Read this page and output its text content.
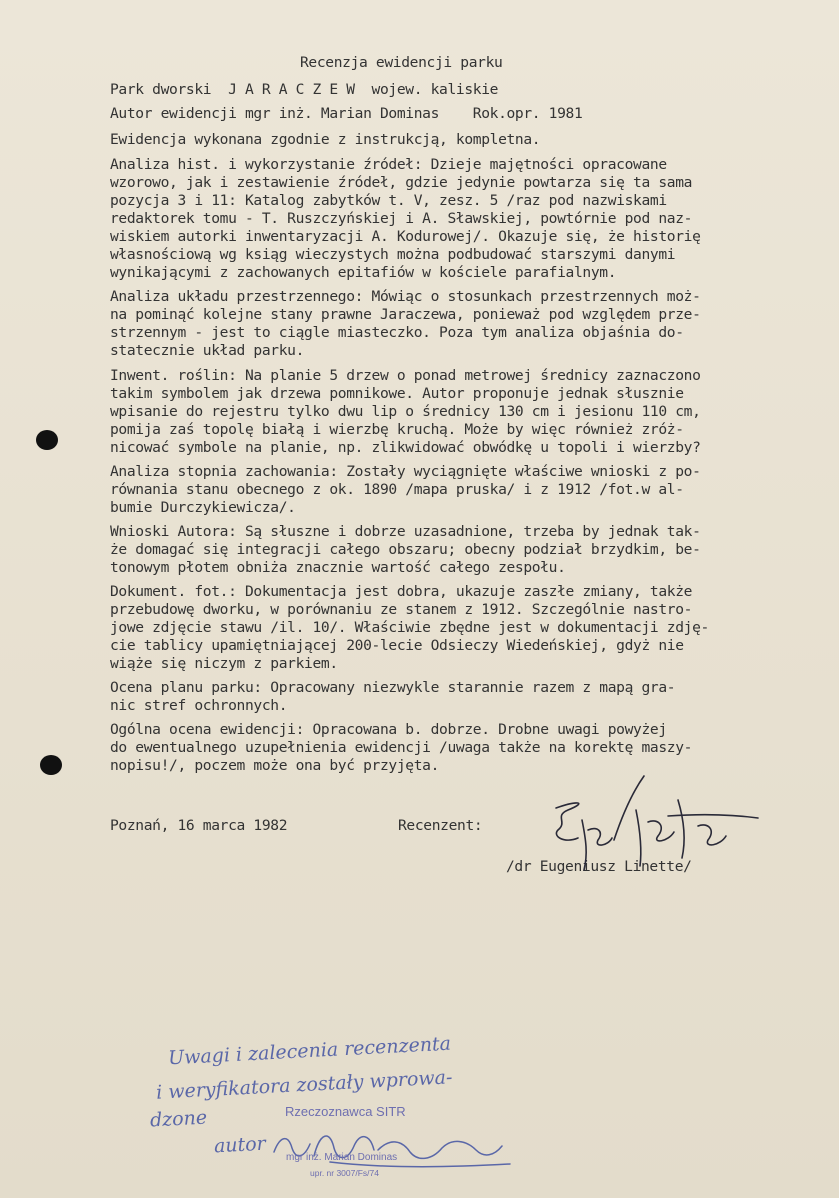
Recenzja ewidencji parku
Park dworski  J A R A C Z E W  wojew. kaliskie
Autor ewidencji mgr inż. Marian Dominas    Rok.opr. 1981
Ewidencja wykonana zgodnie z instrukcją, kompletna.
Analiza hist. i wykorzystanie źródeł: Dzieje majętności opracowane
wzorowo, jak i zestawienie źródeł, gdzie jedynie powtarza się ta sama
pozycja 3 i 11: Katalog zabytków t. V, zesz. 5 /raz pod nazwiskami
redaktorek tomu - T. Ruszczyńskiej i A. Sławskiej, powtórnie pod naz-
wiskiem autorki inwentaryzacji A. Kodurowej/. Okazuje się, że historię
własnościową wg ksiąg wieczystych można podbudować starszymi danymi
wynikającymi z zachowanych epitafiów w kościele parafialnym.
Analiza układu przestrzennego: Mówiąc o stosunkach przestrzennych moż-
na pominąć kolejne stany prawne Jaraczewa, ponieważ pod względem prze-
strzennym - jest to ciągle miasteczko. Poza tym analiza objaśnia do-
statecznie układ parku.
Inwent. roślin: Na planie 5 drzew o ponad metrowej średnicy zaznaczono
takim symbolem jak drzewa pomnikowe. Autor proponuje jednak słusznie
wpisanie do rejestru tylko dwu lip o średnicy 130 cm i jesionu 110 cm,
pomija zaś topolę białą i wierzbę kruchą. Może by więc również zróż-
nicować symbole na planie, np. zlikwidować obwódkę u topoli i wierzby?
Analiza stopnia zachowania: Zostały wyciągnięte właściwe wnioski z po-
równania stanu obecnego z ok. 1890 /mapa pruska/ i z 1912 /fot.w al-
bumie Durczykiewicza/.
Wnioski Autora: Są słuszne i dobrze uzasadnione, trzeba by jednak tak-
że domagać się integracji całego obszaru; obecny podział brzydkim, be-
tonowym płotem obniża znacznie wartość całego zespołu.
Dokument. fot.: Dokumentacja jest dobra, ukazuje zaszłe zmiany, także
przebudowę dworku, w porównaniu ze stanem z 1912. Szczególnie nastro-
jowe zdjęcie stawu /il. 10/. Właściwie zbędne jest w dokumentacji zdję-
cie tablicy upamiętniającej 200-lecie Odsieczy Wiedeńskiej, gdyż nie
wiąże się niczym z parkiem.
Ocena planu parku: Opracowany niezwykle starannie razem z mapą gra-
nic stref ochronnych.
Ogólna ocena ewidencji: Opracowana b. dobrze. Drobne uwagi powyżej
do ewentualnego uzupełnienia ewidencji /uwaga także na korektę maszy-
nopisu!/, poczem może ona być przyjęta.
Poznań, 16 marca 1982	Recenzent:
/dr Eugeniusz Linette/
Uwagi i zalecenia recenzenta
i weryfikatora zostały wprowa-
dzone
autor
Rzeczoznawca SITR
mgr inż. Marian Dominas
upr. nr 3007/Fs/74
